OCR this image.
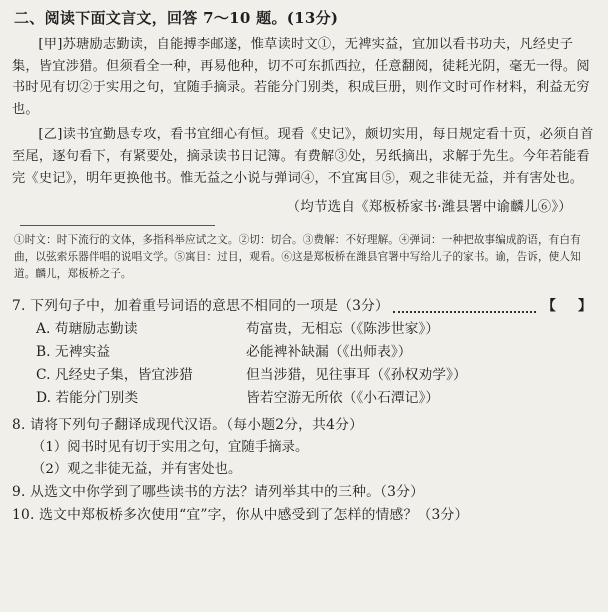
二、阅读下面文言文，回答 7～10 题。(13分)

[甲]苏瑭励志勤读，自能搏李邮遂，惟草读时文①，无裨实益，宜加以看书功夫，凡经史子集，皆宜涉猎。但须看全一种，再易他种，切不可东抓西拉，任意翻阅，徒耗光阴，毫无一得。阅书时见有切②于实用之句，宜随手摘录。若能分门别类，积成巨册，则作文时可作材料，利益无穷也。

[乙]读书宜勤恳专攻，看书宜细心有恒。现看《史记》，颇切实用，每日规定看十页，必须自首至尾，逐句看下，有紧要处，摘录读书日记簿。有费解③处，另纸摘出，求解于先生。今年若能看完《史记》，明年更换他书。惟无益之小说与弹词④，不宜寓目⑤，观之非徒无益，并有害处也。

（均节选自《郑板桥家书·潍县署中谕麟儿⑥》）
①时文：时下流行的文体，多指科举应试之文。②切：切合。③费解：不好理解。④弹词：一种把故事编成韵语，有白有曲，以弦索乐器伴唱的说唱文学。⑤寓目：过目，观看。⑥这是郑板桥在潍县官署中写给儿子的家书。谕，告诉，使人知道。麟儿，郑板桥之子。
7. 下列句子中，加着重号词语的意思不相同的一项是（3分）	【 】
A. 苟瑭励志勤读	苟富贵，无相忘（《陈涉世家》）
B. 无裨实益	必能裨补缺漏（《出师表》）
C. 凡经史子集，皆宜涉猎	但当涉猎，见往事耳（《孙权劝学》）
D. 若能分门别类	皆若空游无所依（《小石潭记》）
8. 请将下列句子翻译成现代汉语。（每小题2分，共4分）
（1）阅书时见有切于实用之句，宜随手摘录。
（2）观之非徒无益，并有害处也。
9. 从选文中你学到了哪些读书的方法？请列举其中的三种。（3分）
10. 选文中郑板桥多次使用“宜”字，你从中感受到了怎样的情感？（3分）
